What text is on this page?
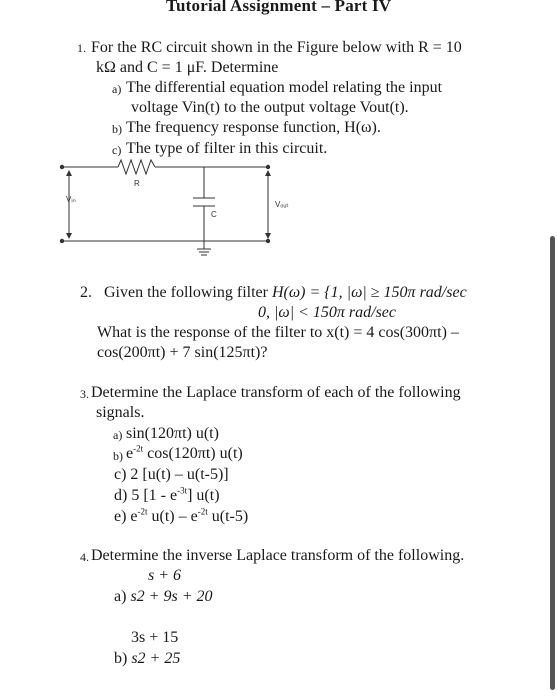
Tutorial Assignment – Part IV
1. For the RC circuit shown in the Figure below with R = 10
kΩ and C = 1 μF. Determine
a) The differential equation model relating the input
voltage Vin(t) to the output voltage Vout(t).
b) The frequency response function, H(ω).
c) The type of filter in this circuit.
R
C
Vᵢₙ
Vₒᵤₜ
2. Given the following filter H(ω) = {1, |ω| ≥ 150π rad/sec
0, |ω| < 150π rad/sec
What is the response of the filter to x(t) = 4 cos(300πt) –
cos(200πt) + 7 sin(125πt)?
3. Determine the Laplace transform of each of the following
signals.
a) sin(120πt) u(t)
b) $e^{-2t}$ cos(120πt) u(t)
c) 2 [u(t) – u(t-5)]
d) 5 $[1 - e^{-3t}]$ u(t)
e) $e^{-2t}$ $u(t) - e^{-2t}$ u(t-5)
4. Determine the inverse Laplace transform of the following.
s + 6
a) s2 + 9s + 20
3s + 15
b) s2 + 25
